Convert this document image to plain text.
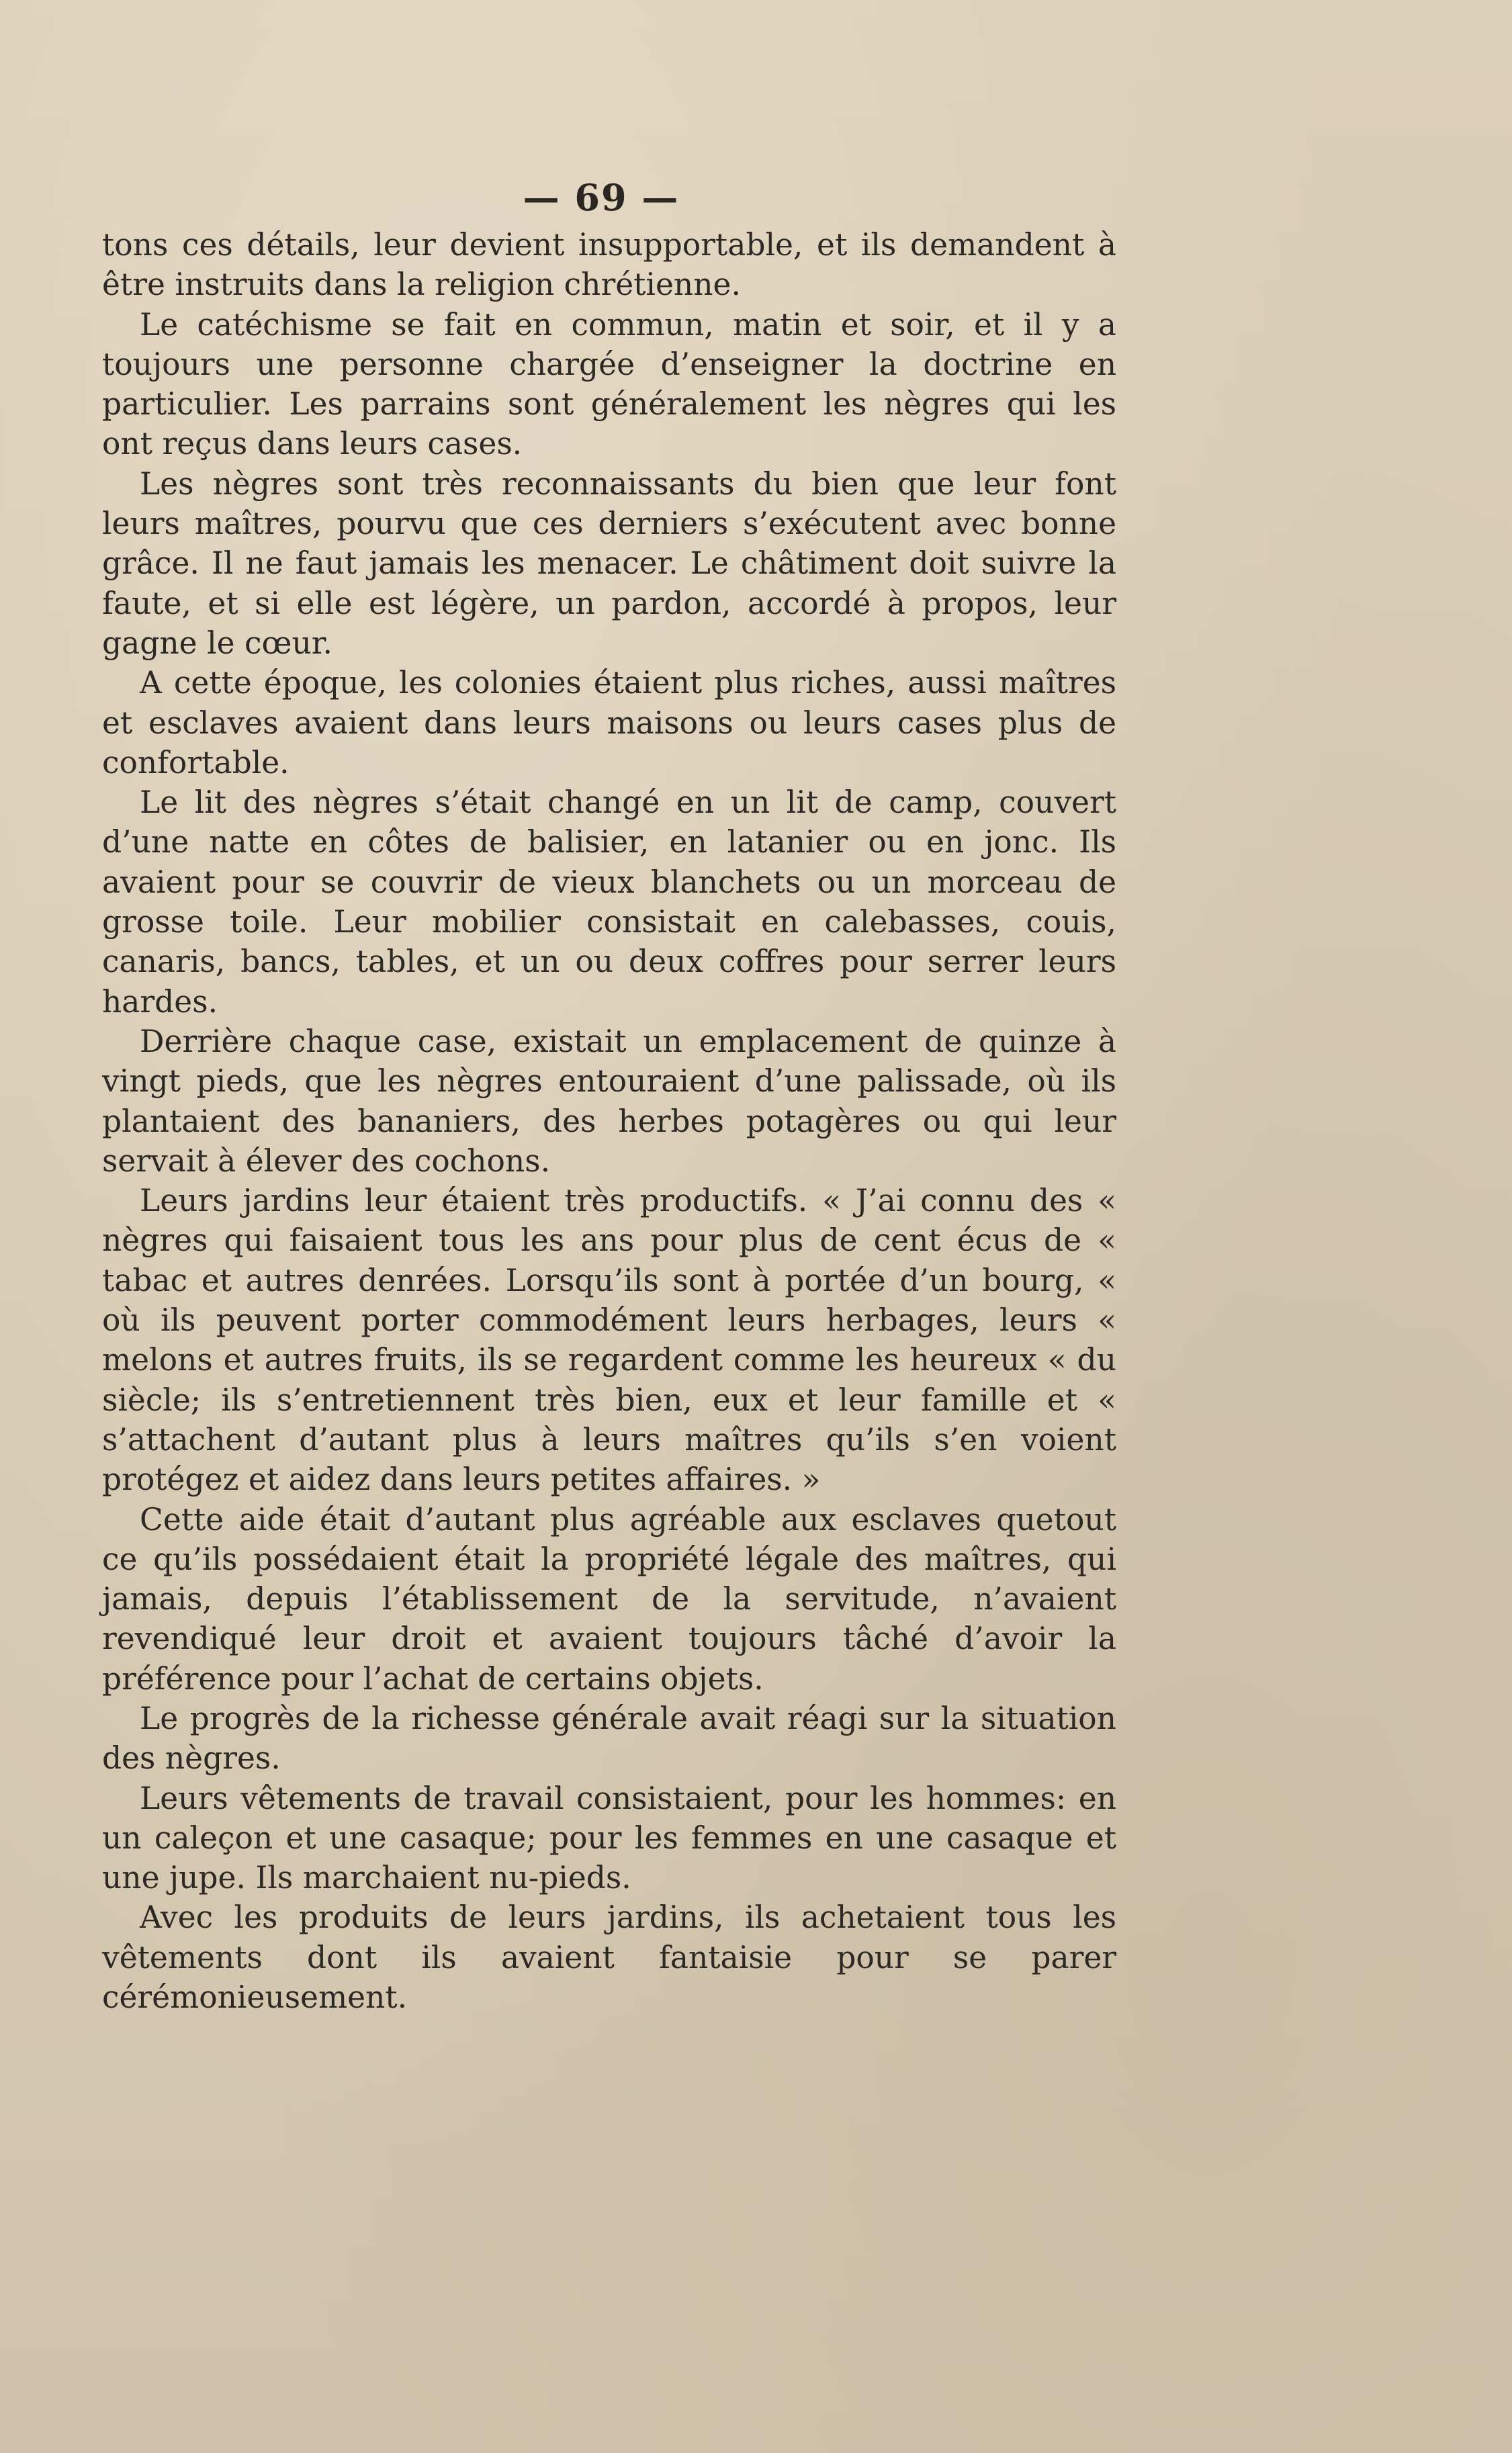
— 69 —

tons ces détails, leur devient insupportable, et ils demandent à être instruits dans la religion chrétienne.

Le catéchisme se fait en commun, matin et soir, et il y a toujours une personne chargée d’enseigner la doctrine en particulier. Les parrains sont généralement les nègres qui les ont reçus dans leurs cases.

Les nègres sont très reconnaissants du bien que leur font leurs maîtres, pourvu que ces derniers s’exécutent avec bonne grâce. Il ne faut jamais les menacer. Le châtiment doit suivre la faute, et si elle est légère, un pardon, accordé à propos, leur gagne le cœur.

A cette époque, les colonies étaient plus riches, aussi maîtres et esclaves avaient dans leurs maisons ou leurs cases plus de confortable.

Le lit des nègres s’était changé en un lit de camp, couvert d’une natte en côtes de balisier, en latanier ou en jonc. Ils avaient pour se couvrir de vieux blanchets ou un morceau de grosse toile. Leur mobilier consistait en calebasses, couis, canaris, bancs, tables, et un ou deux coffres pour serrer leurs hardes.

Derrière chaque case, existait un emplacement de quinze à vingt pieds, que les nègres entouraient d’une palissade, où ils plantaient des bananiers, des herbes potagères ou qui leur servait à élever des cochons.

Leurs jardins leur étaient très productifs. « J’ai connu des « nègres qui faisaient tous les ans pour plus de cent écus de « tabac et autres denrées. Lorsqu’ils sont à portée d’un bourg, « où ils peuvent porter commodément leurs herbages, leurs « melons et autres fruits, ils se regardent comme les heureux « du siècle; ils s’entretiennent très bien, eux et leur famille et « s’attachent d’autant plus à leurs maîtres qu’ils s’en voient protégez et aidez dans leurs petites affaires. »

Cette aide était d’autant plus agréable aux esclaves quetout ce qu’ils possédaient était la propriété légale des maîtres, qui jamais, depuis l’établissement de la servitude, n’avaient revendiqué leur droit et avaient toujours tâché d’avoir la préférence pour l’achat de certains objets.

Le progrès de la richesse générale avait réagi sur la situation des nègres.

Leurs vêtements de travail consistaient, pour les hommes: en un caleçon et une casaque; pour les femmes en une casaque et une jupe. Ils marchaient nu-pieds.

Avec les produits de leurs jardins, ils achetaient tous les vêtements dont ils avaient fantaisie pour se parer cérémonieusement.
